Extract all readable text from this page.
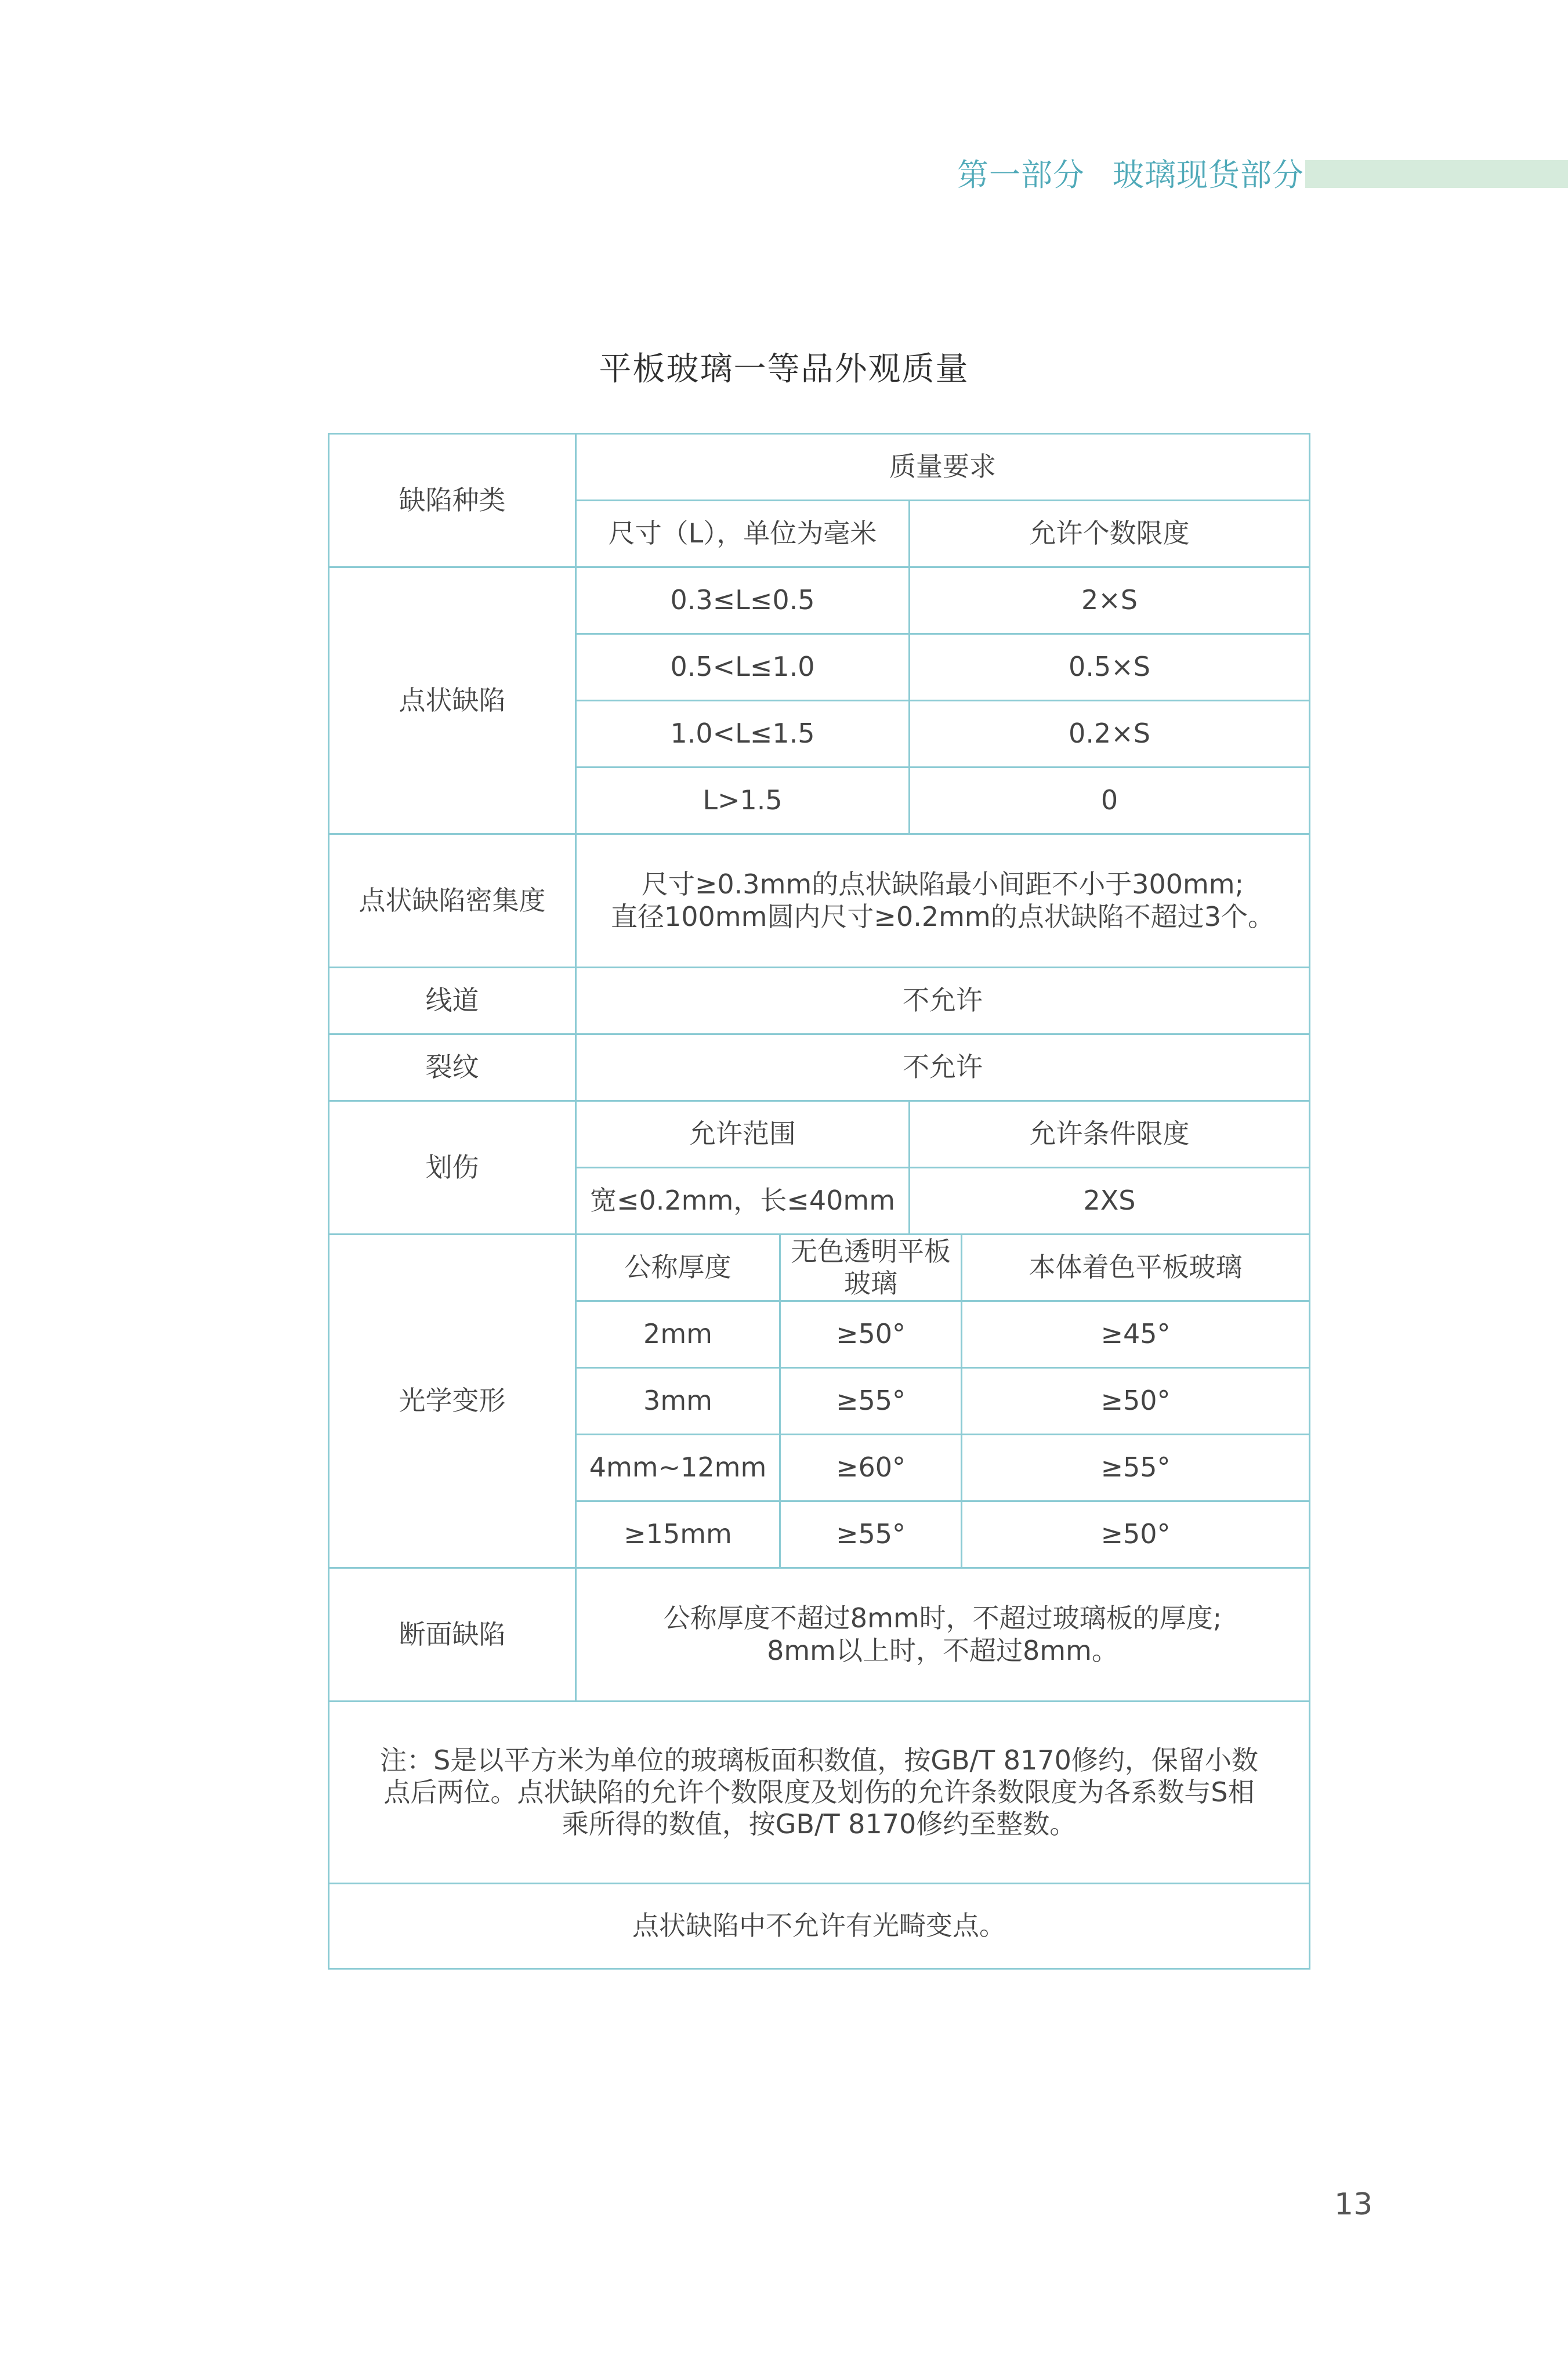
第一部分 玻璃现货部分
平板玻璃一等品外观质量
缺陷种类	质量要求			
	尺寸（L），单位为毫米		允许个数限度	
点状缺陷	0.3≤L≤0.5		2×S	
	0.5<L≤1.0		0.5×S	
	1.0<L≤1.5		0.2×S	
	L>1.5		0	
点状缺陷密集度	尺寸≥0.3mm的点状缺陷最小间距不小于300mm;
直径100mm圆内尺寸≥0.2mm的点状缺陷不超过3个。			

线道	不允许			
裂纹	不允许			
划伤	允许范围		允许条件限度	
	宽≤0.2mm，长≤40mm		2XS	
光学变形	公称厚度	无色透明平板玻璃		本体着色平板玻璃
	2mm	≥50°		≥45°
	3mm	≥55°		≥50°
	4mm~12mm	≥60°		≥55°
	≥15mm	≥55°		≥50°
断面缺陷	公称厚度不超过8mm时，不超过玻璃板的厚度;
8mm以上时，不超过8mm。			

注：S是以平方米为单位的玻璃板面积数值，按GB/T 8170修约，保留小数
点后两位。点状缺陷的允许个数限度及划伤的允许条数限度为各系数与S相
乘所得的数值，按GB/T 8170修约至整数。				

点状缺陷中不允许有光畸变点。				
13
